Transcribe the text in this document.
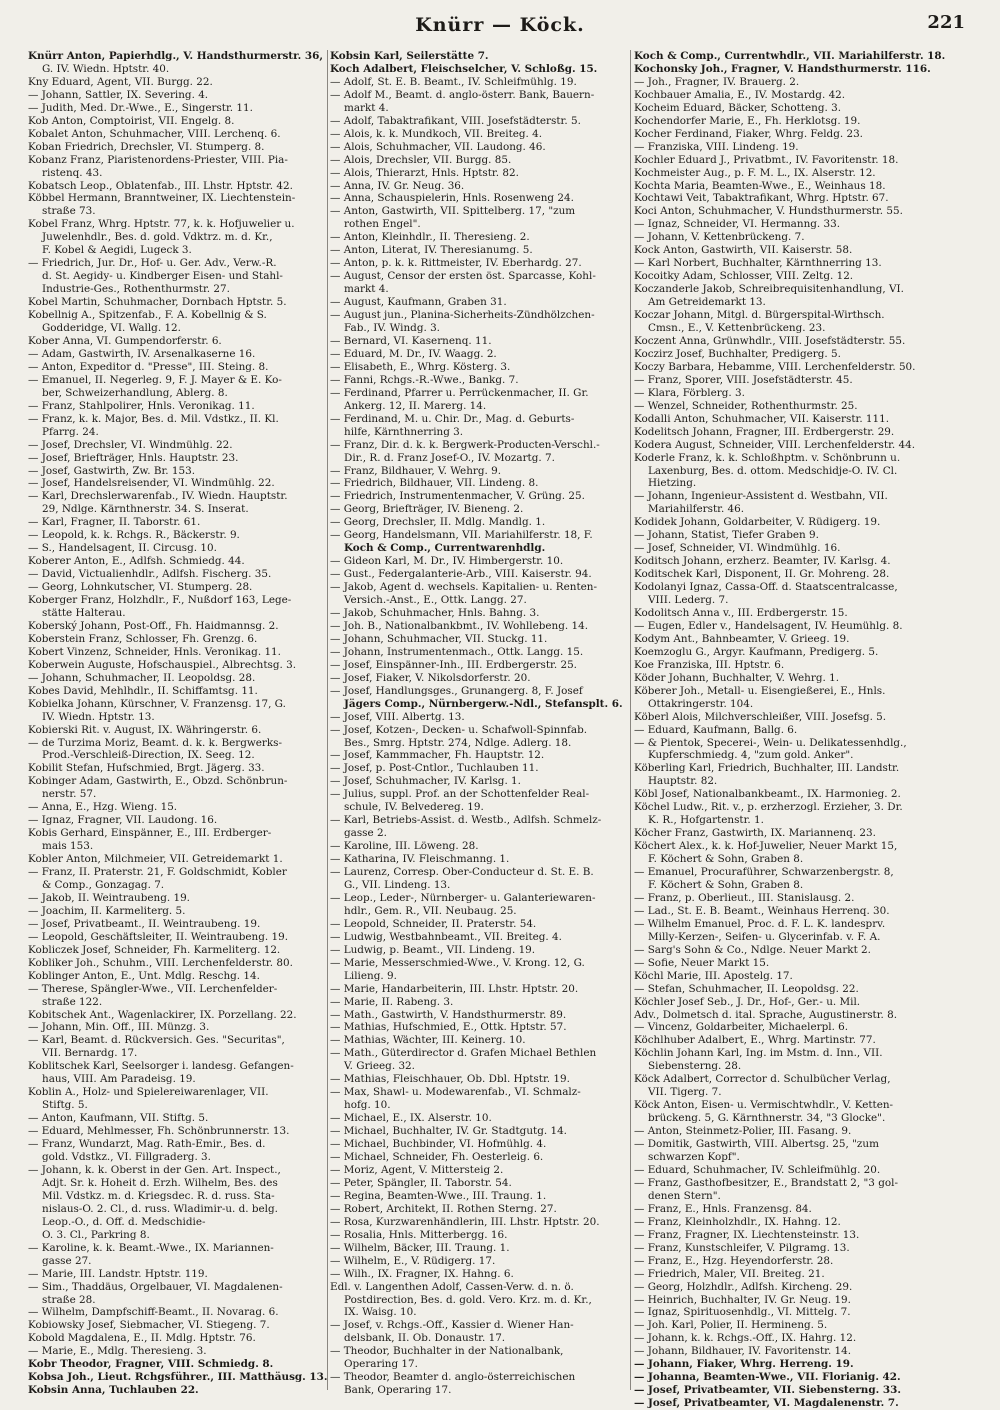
Knürr — Köck.	221
Knürr Anton, Papierhdlg., V. Handsthurmerstr. 36,
G. IV. Wiedn. Hptstr. 40.
Kny Eduard, Agent, VII. Burgg. 22.
— Johann, Sattler, IX. Severing. 4.
— Judith, Med. Dr.-Wwe., E., Singerstr. 11.
Kob Anton, Comptoirist, VII. Engelg. 8.
Kobalet Anton, Schuhmacher, VIII. Lerchenq. 6.
Koban Friedrich, Drechsler, VI. Stumperg. 8.
Kobanz Franz, Piaristenordens-Priester, VIII. Pia-
ristenq. 43.
Kobatsch Leop., Oblatenfab., III. Lhstr. Hptstr. 42.
Köbbel Hermann, Branntweiner, IX. Liechtenstein-
straße 73.
Kobel Franz, Whrg. Hptstr. 77, k. k. Hofjuwelier u.
Juwelenhdlr., Bes. d. gold. Vdktrz. m. d. Kr.,
F. Kobel & Aegidi, Lugeck 3.
— Friedrich, Jur. Dr., Hof- u. Ger. Adv., Verw.-R.
d. St. Aegidy- u. Kindberger Eisen- und Stahl-
Industrie-Ges., Rothenthurmstr. 27.
Kobel Martin, Schuhmacher, Dornbach Hptstr. 5.
Kobellnig A., Spitzenfab., F. A. Kobellnig & S.
Godderidge, VI. Wallg. 12.
Kober Anna, VI. Gumpendorferstr. 6.
— Adam, Gastwirth, IV. Arsenalkaserne 16.
— Anton, Expeditor d. "Presse", III. Steing. 8.
— Emanuel, II. Negerleg. 9, F. J. Mayer & E. Ko-
ber, Schweizerhandlung, Ablerg. 8.
— Franz, Stahlpolirer, Hnls. Veronikag. 11.
— Franz, k. k. Major, Bes. d. Mil. Vdstkz., II. Kl.
Pfarrg. 24.
— Josef, Drechsler, VI. Windmühlg. 22.
— Josef, Briefträger, Hnls. Hauptstr. 23.
— Josef, Gastwirth, Zw. Br. 153.
— Josef, Handelsreisender, VI. Windmühlg. 22.
— Karl, Drechslerwarenfab., IV. Wiedn. Hauptstr.
29, Ndlge. Kärnthnerstr. 34. S. Inserat.
— Karl, Fragner, II. Taborstr. 61.
— Leopold, k. k. Rchgs. R., Bäckerstr. 9.
— S., Handelsagent, II. Circusg. 10.
Koberer Anton, E., Adlfsh. Schmiedg. 44.
— David, Victualienhdlr., Adlfsh. Fischerg. 35.
— Georg, Lohnkutscher, VI. Stumperg. 28.
Koberger Franz, Holzhdlr., F., Nußdorf 163, Lege-
stätte Halterau.
Koberský Johann, Post-Off., Fh. Haidmannsg. 2.
Koberstein Franz, Schlosser, Fh. Grenzg. 6.
Kobert Vinzenz, Schneider, Hnls. Veronikag. 11.
Koberwein Auguste, Hofschauspiel., Albrechtsg. 3.
— Johann, Schuhmacher, II. Leopoldsg. 28.
Kobes David, Mehlhdlr., II. Schiffamtsg. 11.
Kobielka Johann, Kürschner, V. Franzensg. 17, G.
IV. Wiedn. Hptstr. 13.
Kobierski Rit. v. August, IX. Währingerstr. 6.
— de Turzima Moriz, Beamt. d. k. k. Bergwerks-
Prod.-Verschleiß-Direction, IX. Seeg. 12.
Kobilit Stefan, Hufschmied, Brgt. Jägerg. 33.
Kobinger Adam, Gastwirth, E., Obzd. Schönbrun-
nerstr. 57.
— Anna, E., Hzg. Wieng. 15.
— Ignaz, Fragner, VII. Laudong. 16.
Kobis Gerhard, Einspänner, E., III. Erdberger-
mais 153.
Kobler Anton, Milchmeier, VII. Getreidemarkt 1.
— Franz, II. Praterstr. 21, F. Goldschmidt, Kobler
& Comp., Gonzagag. 7.
— Jakob, II. Weintraubeng. 19.
— Joachim, II. Karmeliterg. 5.
— Josef, Privatbeamt., II. Weintraubeng. 19.
— Leopold, Geschäftsleiter, II. Weintraubeng. 19.
Kobliczek Josef, Schneider, Fh. Karmeliterg. 12.
Kobliker Joh., Schuhm., VIII. Lerchenfelderstr. 80.
Koblinger Anton, E., Unt. Mdlg. Reschg. 14.
— Therese, Spängler-Wwe., VII. Lerchenfelder-
straße 122.
Kobitschek Ant., Wagenlackirer, IX. Porzellang. 22.
— Johann, Min. Off., III. Münzg. 3.
— Karl, Beamt. d. Rückversich. Ges. "Securitas",
VII. Bernardg. 17.
Koblitschek Karl, Seelsorger i. landesg. Gefangen-
haus, VIII. Am Paradeisg. 19.
Koblin A., Holz- und Spielereiwarenlager, VII.
Stiftg. 5.
— Anton, Kaufmann, VII. Stiftg. 5.
— Eduard, Mehlmesser, Fh. Schönbrunnerstr. 13.
— Franz, Wundarzt, Mag. Rath-Emir., Bes. d.
gold. Vdstkz., VI. Fillgraderg. 3.
— Johann, k. k. Oberst in der Gen. Art. Inspect.,
Adjt. Sr. k. Hoheit d. Erzh. Wilhelm, Bes. des
Mil. Vdstkz. m. d. Kriegsdec. R. d. russ. Sta-
nislaus-O. 2. Cl., d. russ. Wladimir-u. d. belg.
Leop.-O., d. Off. d. Medschidie-
O. 3. Cl., Parkring 8.
— Karoline, k. k. Beamt.-Wwe., IX. Mariannen-
gasse 27.
— Marie, III. Landstr. Hptstr. 119.
— Sim., Thaddäus, Orgelbauer, VI. Magdalenen-
straße 28.
— Wilhelm, Dampfschiff-Beamt., II. Novarag. 6.
Kobiowsky Josef, Siebmacher, VI. Stiegeng. 7.
Kobold Magdalena, E., II. Mdlg. Hptstr. 76.
— Marie, E., Mdlg. Theresieng. 3.
Kobr Theodor, Fragner, VIII. Schmiedg. 8.
Kobsa Joh., Lieut. Rchgsführer., III. Matthäusg. 13.
Kobsin Anna, Tuchlauben 22.
Kobsin Karl, Seilerstätte 7.
Koch Adalbert, Fleischselcher, V. Schloßg. 15.
— Adolf, St. E. B. Beamt., IV. Schleifmühlg. 19.
— Adolf M., Beamt. d. anglo-österr. Bank, Bauern-
markt 4.
— Adolf, Tabaktrafikant, VIII. Josefstädterstr. 5.
— Alois, k. k. Mundkoch, VII. Breiteg. 4.
— Alois, Schuhmacher, VII. Laudong. 46.
— Alois, Drechsler, VII. Burgg. 85.
— Alois, Thierarzt, Hnls. Hptstr. 82.
— Anna, IV. Gr. Neug. 36.
— Anna, Schauspielerin, Hnls. Rosenweng 24.
— Anton, Gastwirth, VII. Spittelberg. 17, "zum
rothen Engel".
— Anton, Kleinhdlr., II. Theresieng. 2.
— Anton, Literat, IV. Theresianumg. 5.
— Anton, p. k. k. Rittmeister, IV. Eberhardg. 27.
— August, Censor der ersten öst. Sparcasse, Kohl-
markt 4.
— August, Kaufmann, Graben 31.
— August jun., Planina-Sicherheits-Zündhölzchen-
Fab., IV. Windg. 3.
— Bernard, VI. Kasernenq. 11.
— Eduard, M. Dr., IV. Waagg. 2.
— Elisabeth, E., Whrg. Kösterg. 3.
— Fanni, Rchgs.-R.-Wwe., Bankg. 7.
— Ferdinand, Pfarrer u. Perrückenmacher, II. Gr.
Ankerg. 12, II. Marerg. 14.
— Ferdinand, M. u. Chir. Dr., Mag. d. Geburts-
hilfe, Kärnthnerring 3.
— Franz, Dir. d. k. k. Bergwerk-Producten-Verschl.-
Dir., R. d. Franz Josef-O., IV. Mozartg. 7.
— Franz, Bildhauer, V. Wehrg. 9.
— Friedrich, Bildhauer, VII. Lindeng. 8.
— Friedrich, Instrumentenmacher, V. Grüng. 25.
— Georg, Briefträger, IV. Bieneng. 2.
— Georg, Drechsler, II. Mdlg. Mandlg. 1.
— Georg, Handelsmann, VII. Mariahilferstr. 18, F.
Koch & Comp., Currentwarenhdlg.
— Gideon Karl, M. Dr., IV. Himbergerstr. 10.
— Gust., Federgalanterie-Arb., VIII. Kaiserstr. 94.
— Jakob, Agent d. wechsels. Kapitalien- u. Renten-
Versich.-Anst., E., Ottk. Langg. 27.
— Jakob, Schuhmacher, Hnls. Bahng. 3.
— Joh. B., Nationalbankbmt., IV. Wohllebeng. 14.
— Johann, Schuhmacher, VII. Stuckg. 11.
— Johann, Instrumentenmach., Ottk. Langg. 15.
— Josef, Einspänner-Inh., III. Erdbergerstr. 25.
— Josef, Fiaker, V. Nikolsdorferstr. 20.
— Josef, Handlungsges., Grunangerg. 8, F. Josef
Jägers Comp., Nürnbergerw.-Ndl., Stefansplt. 6.
— Josef, VIII. Albertg. 13.
— Josef, Kotzen-, Decken- u. Schafwoll-Spinnfab.
Bes., Smrg. Hptstr. 274, Ndlge. Adlerg. 18.
— Josef, Kammmacher, Fh. Hauptstr. 12.
— Josef, p. Post-Cntlor., Tuchlauben 11.
— Josef, Schuhmacher, IV. Karlsg. 1.
— Julius, suppl. Prof. an der Schottenfelder Real-
schule, IV. Belvedereg. 19.
— Karl, Betriebs-Assist. d. Westb., Adlfsh. Schmelz-
gasse 2.
— Karoline, III. Löweng. 28.
— Katharina, IV. Fleischmanng. 1.
— Laurenz, Corresp. Ober-Conducteur d. St. E. B.
G., VII. Lindeng. 13.
— Leop., Leder-, Nürnberger- u. Galanteriewaren-
hdlr., Gem. R., VII. Neubaug. 25.
— Leopold, Schneider, II. Praterstr. 54.
— Ludwig, Westbahnbeamt., VII. Breiteg. 4.
— Ludwig, p. Beamt., VII. Lindeng. 19.
— Marie, Messerschmied-Wwe., V. Krong. 12, G.
Lilieng. 9.
— Marie, Handarbeiterin, III. Lhstr. Hptstr. 20.
— Marie, II. Rabeng. 3.
— Math., Gastwirth, V. Handsthurmerstr. 89.
— Mathias, Hufschmied, E., Ottk. Hptstr. 57.
— Mathias, Wächter, III. Keinerg. 10.
— Math., Güterdirector d. Grafen Michael Bethlen
V. Grieeg. 32.
— Mathias, Fleischhauer, Ob. Dbl. Hptstr. 19.
— Max, Shawl- u. Modewarenfab., VI. Schmalz-
hofg. 10.
— Michael, E., IX. Alserstr. 10.
— Michael, Buchhalter, IV. Gr. Stadtgutg. 14.
— Michael, Buchbinder, VI. Hofmühlg. 4.
— Michael, Schneider, Fh. Oesterleig. 6.
— Moriz, Agent, V. Mittersteig 2.
— Peter, Spängler, II. Taborstr. 54.
— Regina, Beamten-Wwe., III. Traung. 1.
— Robert, Architekt, II. Rothen Sterng. 27.
— Rosa, Kurzwarenhändlerin, III. Lhstr. Hptstr. 20.
— Rosalia, Hnls. Mitterbergg. 16.
— Wilhelm, Bäcker, III. Traung. 1.
— Wilhelm, E., V. Rüdigerg. 17.
— Wilh., IX. Fragner, IX. Hahng. 6.
Edl. v. Langenthen Adolf, Cassen-Verw. d. n. ö.
Postdirection, Bes. d. gold. Vero. Krz. m. d. Kr.,
IX. Waisg. 10.
— Josef, v. Rchgs.-Off., Kassier d. Wiener Han-
delsbank, II. Ob. Donaustr. 17.
— Theodor, Buchhalter in der Nationalbank,
Operaring 17.
— Theodor, Beamter d. anglo-österreichischen
Bank, Operaring 17.
Koch & Comp., Currentwhdlr., VII. Mariahilferstr. 18.
Kochonsky Joh., Fragner, V. Handsthurmerstr. 116.
— Joh., Fragner, IV. Brauerg. 2.
Kochbauer Amalia, E., IV. Mostardg. 42.
Kocheim Eduard, Bäcker, Schotteng. 3.
Kochendorfer Marie, E., Fh. Herklotsg. 19.
Kocher Ferdinand, Fiaker, Whrg. Feldg. 23.
— Franziska, VIII. Lindeng. 19.
Kochler Eduard J., Privatbmt., IV. Favoritenstr. 18.
Kochmeister Aug., p. F. M. L., IX. Alserstr. 12.
Kochta Maria, Beamten-Wwe., E., Weinhaus 18.
Kochtawi Veit, Tabaktrafikant, Whrg. Hptstr. 67.
Koci Anton, Schuhmacher, V. Hundsthurmerstr. 55.
— Ignaz, Schneider, VI. Hermanng. 33.
— Johann, V. Kettenbrückeng. 7.
Kock Anton, Gastwirth, VII. Kaiserstr. 58.
— Karl Norbert, Buchhalter, Kärnthnerring 13.
Kocoitky Adam, Schlosser, VIII. Zeltg. 12.
Koczanderle Jakob, Schreibrequisitenhandlung, VI.
Am Getreidemarkt 13.
Koczar Johann, Mitgl. d. Bürgerspital-Wirthsch.
Cmsn., E., V. Kettenbrückeng. 23.
Koczent Anna, Grünwhdlr., VIII. Josefstädterstr. 55.
Koczirz Josef, Buchhalter, Predigerg. 5.
Koczy Barbara, Hebamme, VIII. Lerchenfelderstr. 50.
— Franz, Sporer, VIII. Josefstädterstr. 45.
— Klara, Förblerg. 3.
— Wenzel, Schneider, Rothenthurmstr. 25.
Kodalli Anton, Schuhmacher, VII. Kaiserstr. 111.
Kodelitsch Johann, Fragner, III. Erdbergerstr. 29.
Kodera August, Schneider, VIII. Lerchenfelderstr. 44.
Koderle Franz, k. k. Schloßhptm. v. Schönbrunn u.
Laxenburg, Bes. d. ottom. Medschidje-O. IV. Cl.
Hietzing.
— Johann, Ingenieur-Assistent d. Westbahn, VII.
Mariahilferstr. 46.
Kodidek Johann, Goldarbeiter, V. Rüdigerg. 19.
— Johann, Statist, Tiefer Graben 9.
— Josef, Schneider, VI. Windmühlg. 16.
Koditsch Johann, erzherz. Beamter, IV. Karlsg. 4.
Koditschek Karl, Disponent, II. Gr. Mohreng. 28.
Kodolanyi Ignaz, Cassa-Off. d. Staatscentralcasse,
VIII. Lederg. 7.
Kodolitsch Anna v., III. Erdbergerstr. 15.
— Eugen, Edler v., Handelsagent, IV. Heumühlg. 8.
Kodym Ant., Bahnbeamter, V. Grieeg. 19.
Koemzoglu G., Argyr. Kaufmann, Predigerg. 5.
Koe Franziska, III. Hptstr. 6.
Köder Johann, Buchhalter, V. Wehrg. 1.
Köberer Joh., Metall- u. Eisengießerei, E., Hnls.
Ottakringerstr. 104.
Köberl Alois, Milchverschleißer, VIII. Josefsg. 5.
— Eduard, Kaufmann, Ballg. 6.
— & Pientok, Specerei-, Wein- u. Delikatessenhdlg.,
Kupferschmiedg. 4, "zum gold. Anker".
Köberling Karl, Friedrich, Buchhalter, III. Landstr.
Hauptstr. 82.
Köbl Josef, Nationalbankbeamt., IX. Harmonieg. 2.
Köchel Ludw., Rit. v., p. erzherzogl. Erzieher, 3. Dr.
K. R., Hofgartenstr. 1.
Köcher Franz, Gastwirth, IX. Mariannenq. 23.
Köchert Alex., k. k. Hof-Juwelier, Neuer Markt 15,
F. Köchert & Sohn, Graben 8.
— Emanuel, Procuraführer, Schwarzenbergstr. 8,
F. Köchert & Sohn, Graben 8.
— Franz, p. Oberlieut., III. Stanislausg. 2.
— Lad., St. E. B. Beamt., Weinhaus Herrenq. 30.
— Wilhelm Emanuel, Proc. d. F. L. K. landesprv.
Milly-Kerzen-, Seifen- u. Glycerinfab. v. F. A.
— Sarg's Sohn & Co., Ndlge. Neuer Markt 2.
— Sofie, Neuer Markt 15.
Köchl Marie, III. Apostelg. 17.
— Stefan, Schuhmacher, II. Leopoldsg. 22.
Köchler Josef Seb., J. Dr., Hof-, Ger.- u. Mil.
Adv., Dolmetsch d. ital. Sprache, Augustinerstr. 8.
— Vincenz, Goldarbeiter, Michaelerpl. 6.
Köchlhuber Adalbert, E., Whrg. Martinstr. 77.
Köchlin Johann Karl, Ing. im Mstm. d. Inn., VII.
Siebensterng. 28.
Köck Adalbert, Corrector d. Schulbücher Verlag,
VII. Tigerg. 7.
Köck Anton, Eisen- u. Vermischtwhdlr., V. Ketten-
brückeng. 5, G. Kärnthnerstr. 34, "3 Glocke".
— Anton, Steinmetz-Polier, III. Fasang. 9.
— Domitik, Gastwirth, VIII. Albertsg. 25, "zum
schwarzen Kopf".
— Eduard, Schuhmacher, IV. Schleifmühlg. 20.
— Franz, Gasthofbesitzer, E., Brandstatt 2, "3 gol-
denen Stern".
— Franz, E., Hnls. Franzensg. 84.
— Franz, Kleinholzhdlr., IX. Hahng. 12.
— Franz, Fragner, IX. Liechtensteinstr. 13.
— Franz, Kunstschleifer, V. Pilgramg. 13.
— Franz, E., Hzg. Heyendorferstr. 28.
— Friedrich, Maler, VII. Breiteg. 21.
— Georg, Holzhdlr., Adlfsh. Kircheng. 29.
— Heinrich, Buchhalter, IV. Gr. Neug. 19.
— Ignaz, Spirituosenhdlg., VI. Mittelg. 7.
— Joh. Karl, Polier, II. Hermineng. 5.
— Johann, k. k. Rchgs.-Off., IX. Hahrg. 12.
— Johann, Bildhauer, IV. Favoritenstr. 14.
— Johann, Fiaker, Whrg. Herreng. 19.
— Johanna, Beamten-Wwe., VII. Florianig. 42.
— Josef, Privatbeamter, VII. Siebensterng. 33.
— Josef, Privatbeamter, VI. Magdalenenstr. 7.
